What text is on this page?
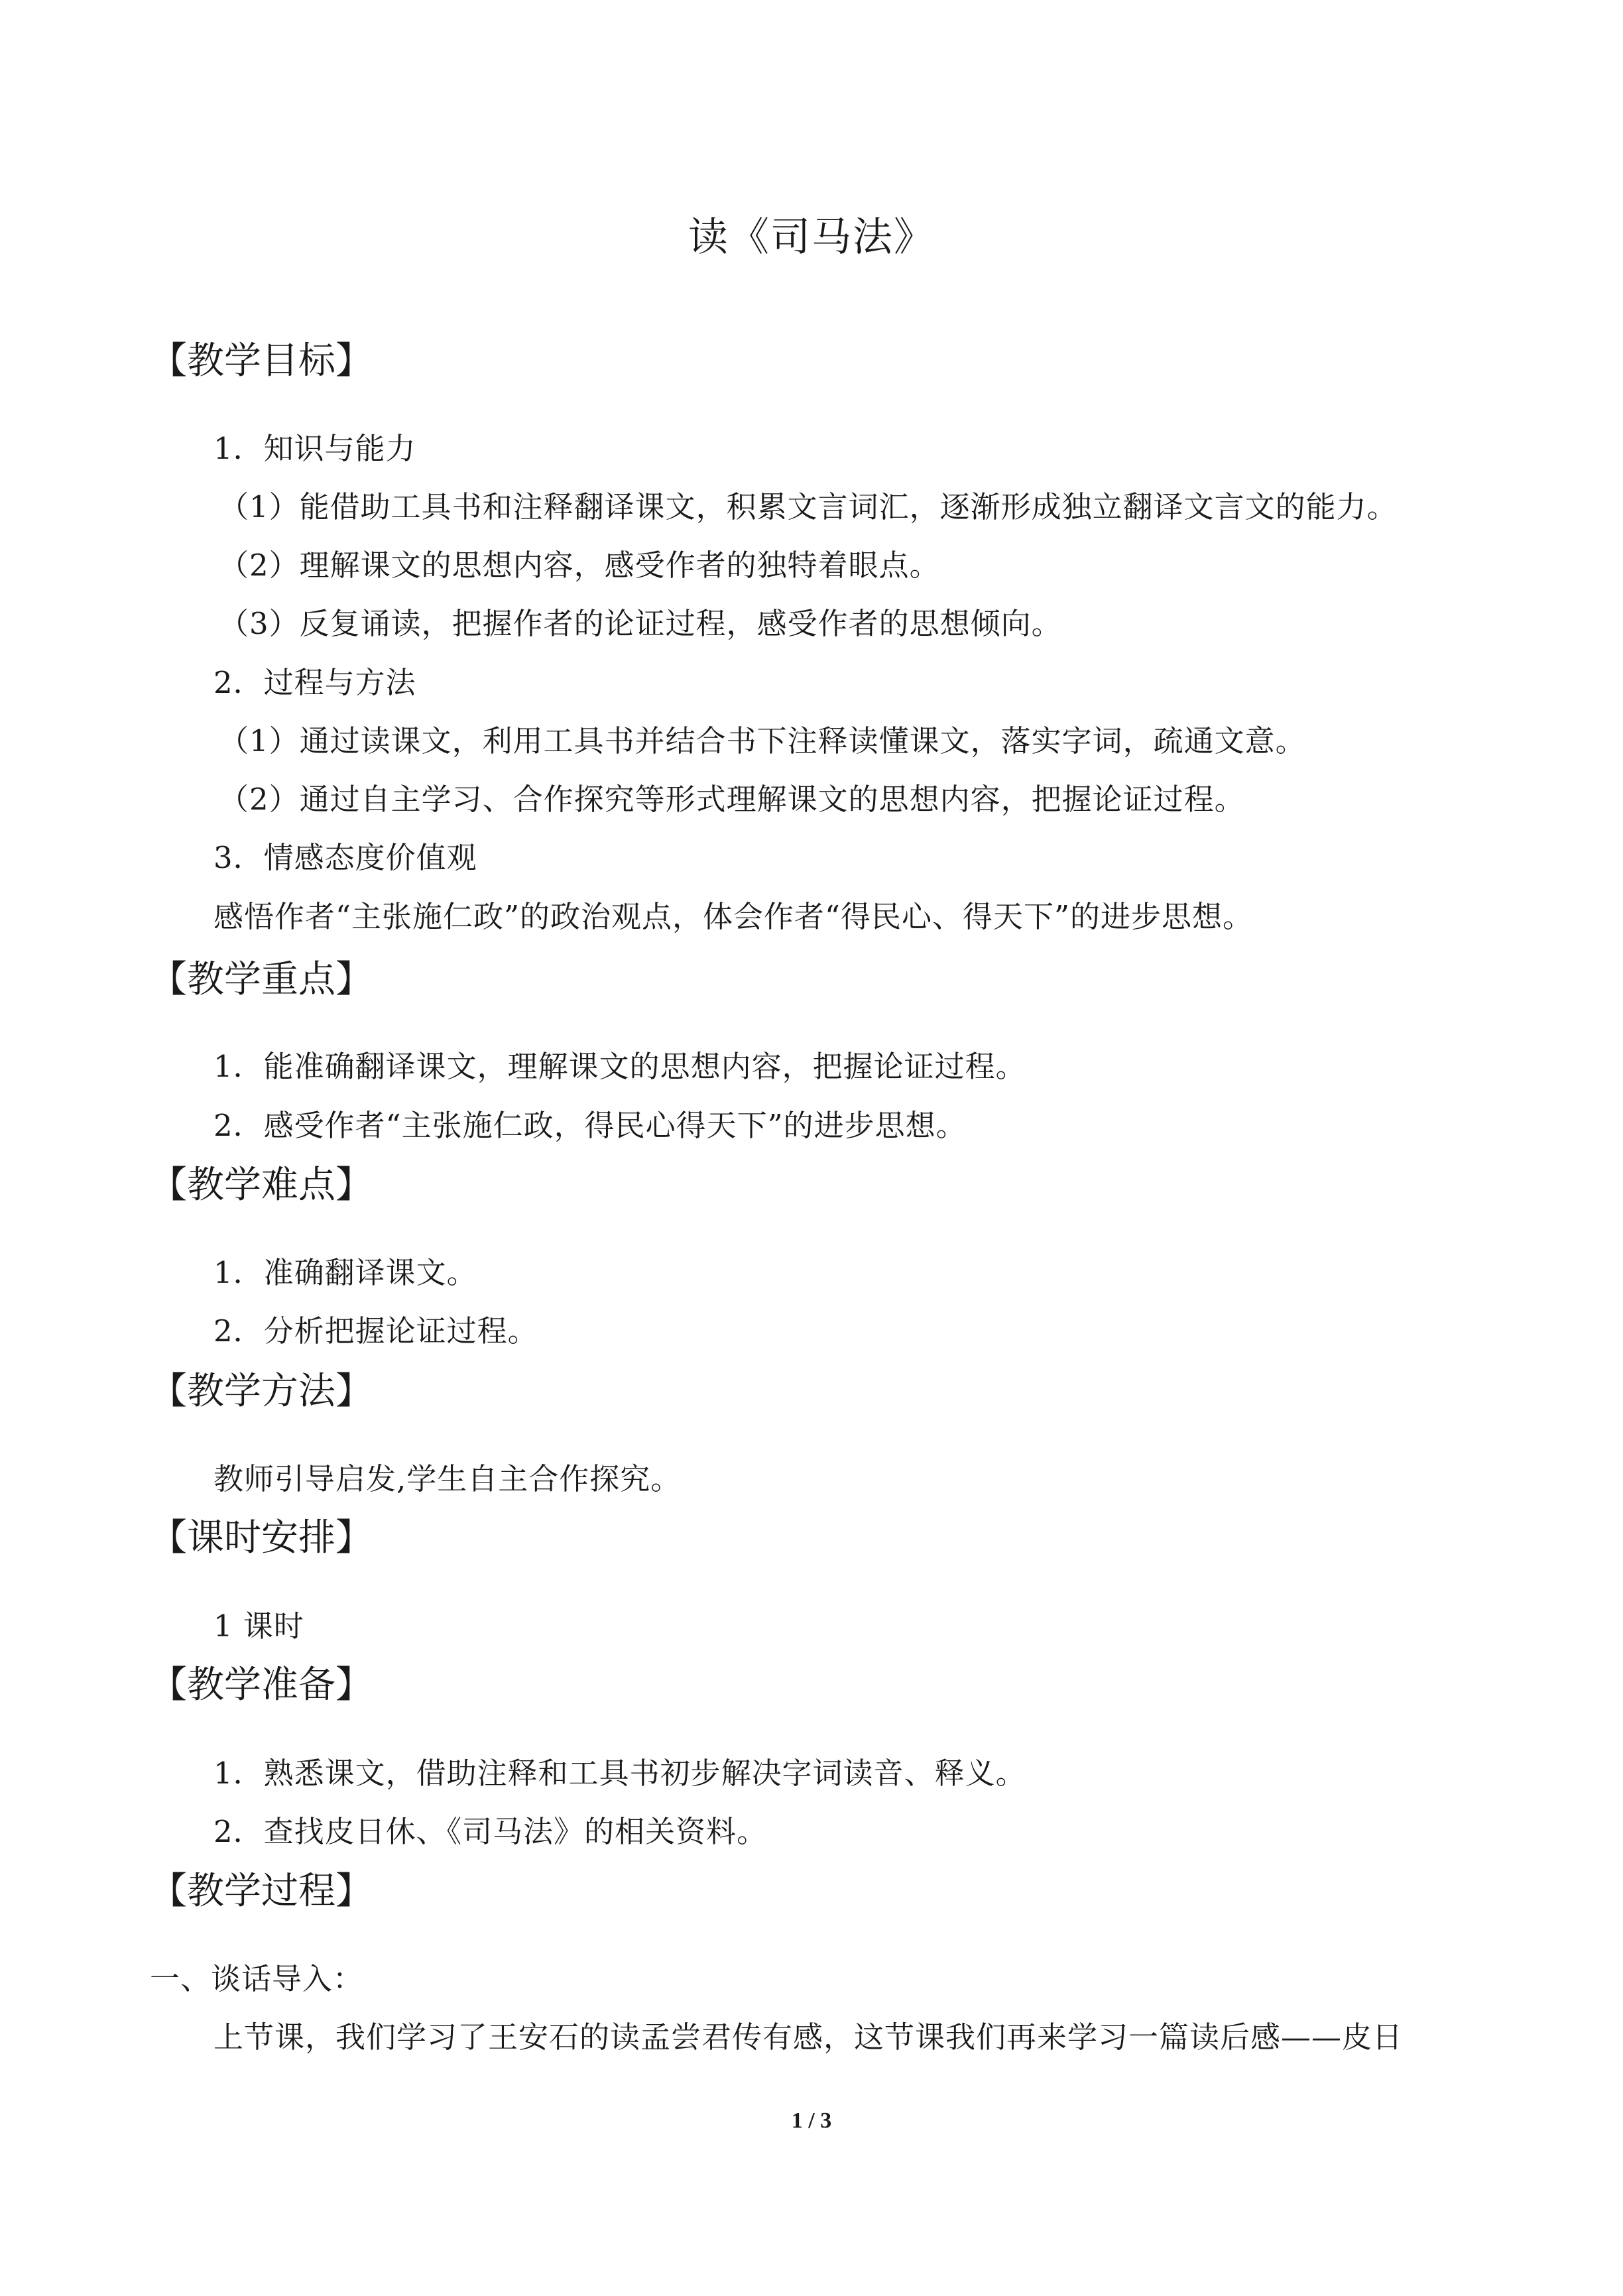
读《司马法》
【教学目标】
1．知识与能力
（1）能借助工具书和注释翻译课文，积累文言词汇，逐渐形成独立翻译文言文的能力。
（2）理解课文的思想内容，感受作者的独特着眼点。
（3）反复诵读，把握作者的论证过程，感受作者的思想倾向。
2．过程与方法
（1）通过读课文，利用工具书并结合书下注释读懂课文，落实字词，疏通文意。
（2）通过自主学习、合作探究等形式理解课文的思想内容，把握论证过程。
3．情感态度价值观
感悟作者“主张施仁政”的政治观点，体会作者“得民心、得天下”的进步思想。
【教学重点】
1．能准确翻译课文，理解课文的思想内容，把握论证过程。
2．感受作者“主张施仁政，得民心得天下”的进步思想。
【教学难点】
1．准确翻译课文。
2．分析把握论证过程。
【教学方法】
教师引导启发,学生自主合作探究。
【课时安排】
1 课时
【教学准备】
1．熟悉课文，借助注释和工具书初步解决字词读音、释义。
2．查找皮日休、《司马法》的相关资料。
【教学过程】
一、谈话导入：
上节课，我们学习了王安石的读孟尝君传有感，这节课我们再来学习一篇读后感——皮日
1 / 3
